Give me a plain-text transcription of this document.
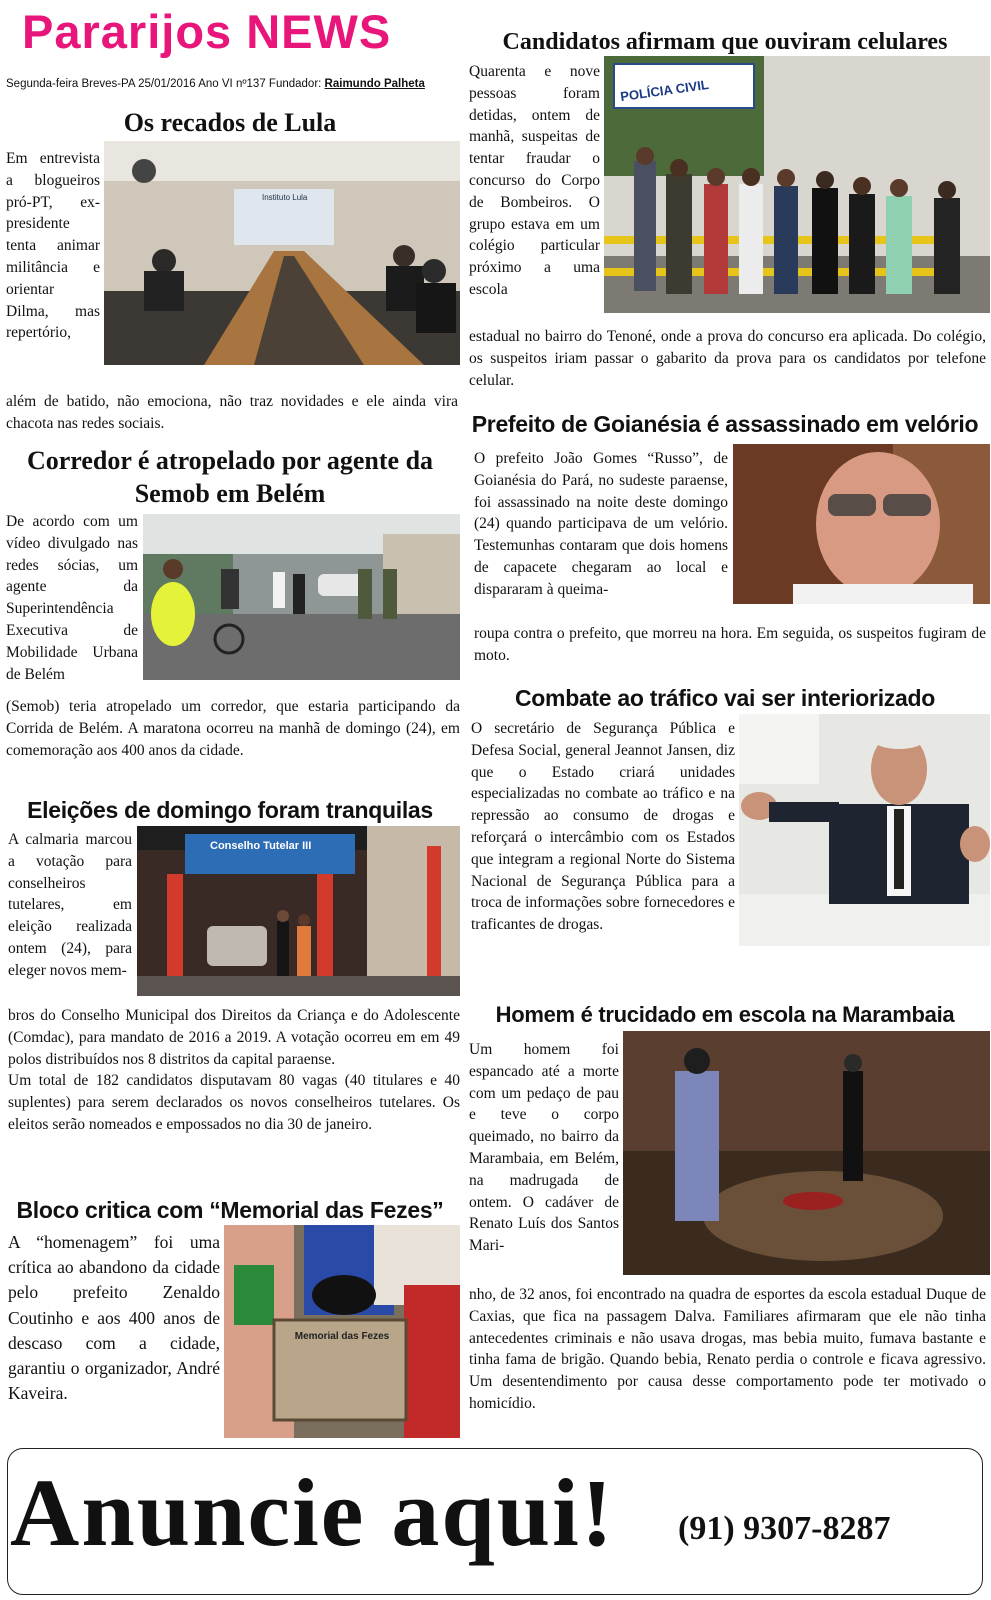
Pararijos NEWS
Segunda-feira Breves-PA 25/01/2016 Ano VI nº137 Fundador: Raimundo Palheta
Os recados de Lula
Instituto Lula
Em entrevista a blogueiros pró-PT, ex-presidente tenta animar militância e orientar Dilma, mas repertório,
além de batido, não emociona, não traz novidades e ele ainda vira chacota nas redes sociais.
Corredor é atropelado por agente da Semob em Belém
De acordo com um vídeo divulgado nas redes sócias, um agente da Superintendência Executiva de Mobilidade Urbana de Belém
(Semob) teria atropelado um corredor, que estaria participando da Corrida de Belém. A maratona ocorreu na manhã de domingo (24), em comemoração aos 400 anos da cidade.
Eleições de domingo foram tranquilas
Conselho Tutelar III
A calmaria marcou a votação para conselheiros tutelares, em eleição realizada ontem (24), para eleger novos mem-

bros do Conselho Municipal dos Direitos da Criança e do Adolescente (Comdac), para mandato de 2016 a 2019. A votação ocorreu em em 49 polos distribuídos nos 8 distritos da capital paraense.

Um total de 182 candidatos disputavam 80 vagas (40 titulares e 40 suplentes) para serem declarados os novos conselheiros tutelares. Os eleitos serão nomeados e empossados no dia 30 de janeiro.

Bloco critica com “Memorial das Fezes”
Memorial das Fezes
A “homenagem” foi uma crítica ao abandono da cidade pelo prefeito Zenaldo Coutinho e aos 400 anos de descaso com a cidade, garantiu o organizador, André Kaveira.
Candidatos afirmam que ouviram celulares
POLÍCIA CIVIL
Quarenta e nove pessoas foram detidas, ontem de manhã, suspeitas de tentar fraudar o concurso do Corpo de Bombeiros. O grupo estava em um colégio particular próximo a uma escola
estadual no bairro do Tenoné, onde a prova do concurso era aplicada. Do colégio, os suspeitos iriam passar o gabarito da prova para os candidatos por telefone celular.
Prefeito de Goianésia é assassinado em velório
O prefeito João Gomes “Russo”, de Goianésia do Pará, no sudeste paraense, foi assassinado na noite deste domingo (24) quando participava de um velório. Testemunhas contaram que dois homens de capacete chegaram ao local e dispararam à queima-
roupa contra o prefeito, que morreu na hora. Em seguida, os suspeitos fugiram de moto.
Combate ao tráfico vai ser interiorizado
O secretário de Segurança Pública e Defesa Social, general Jeannot Jansen, diz que o Estado criará unidades especializadas no combate ao tráfico e na repressão ao consumo de drogas e reforçará o intercâmbio com os Estados que integram a regional Norte do Sistema Nacional de Segurança Pública para a troca de informações sobre fornecedores e traficantes de drogas.
Homem é trucidado em escola na Marambaia
Um homem foi espancado até a morte com um pedaço de pau e teve o corpo queimado, no bairro da Marambaia, em Belém, na madrugada de ontem. O cadáver de Renato Luís dos Santos Mari-
nho, de 32 anos, foi encontrado na quadra de esportes da escola estadual Duque de Caxias, que fica na passagem Dalva. Familiares afirmaram que ele não tinha antecedentes criminais e não usava drogas, mas bebia muito, fumava bastante e tinha fama de brigão. Quando bebia, Renato perdia o controle e ficava agressivo. Um desentendimento por causa desse comportamento pode ter motivado o homicídio.
Anuncie aqui! (91) 9307-8287
